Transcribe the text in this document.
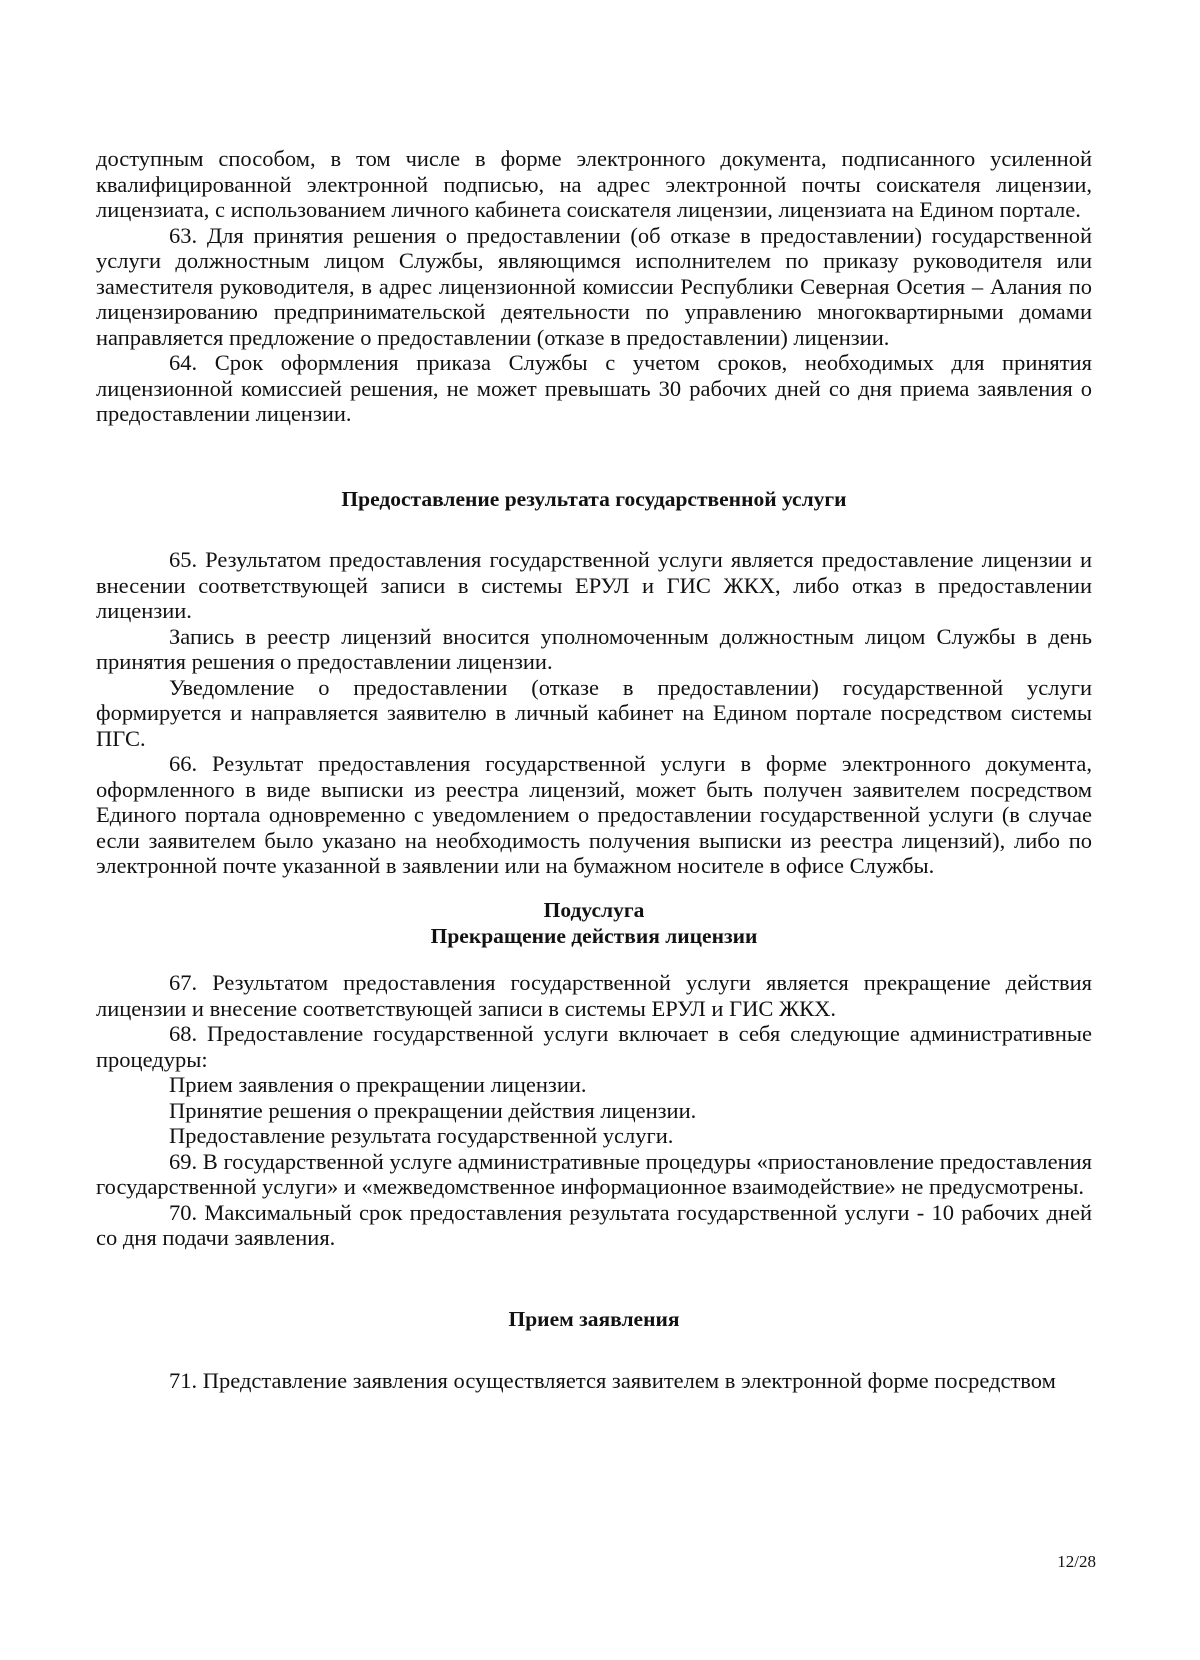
доступным способом, в том числе в форме электронного документа, подписанного усиленной квалифицированной электронной подписью, на адрес электронной почты соискателя лицензии, лицензиата, с использованием личного кабинета соискателя лицензии, лицензиата на Едином портале.

63. Для принятия решения о предоставлении (об отказе в предоставлении) государственной услуги должностным лицом Службы, являющимся исполнителем по приказу руководителя или заместителя руководителя, в адрес лицензионной комиссии Республики Северная Осетия – Алания по лицензированию предпринимательской деятельности по управлению многоквартирными домами направляется предложение о предоставлении (отказе в предоставлении) лицензии.

64. Срок оформления приказа Службы с учетом сроков, необходимых для принятия лицензионной комиссией решения, не может превышать 30 рабочих дней со дня приема заявления о предоставлении лицензии.

Предоставление результата государственной услуги

65. Результатом предоставления государственной услуги является предоставление лицензии и внесении соответствующей записи в системы ЕРУЛ и ГИС ЖКХ, либо отказ в предоставлении лицензии.

Запись в реестр лицензий вносится уполномоченным должностным лицом Службы в день принятия решения о предоставлении лицензии.

Уведомление о предоставлении (отказе в предоставлении) государственной услуги формируется и направляется заявителю в личный кабинет на Едином портале посредством системы ПГС.

66. Результат предоставления государственной услуги в форме электронного документа, оформленного в виде выписки из реестра лицензий, может быть получен заявителем посредством Единого портала одновременно с уведомлением о предоставлении государственной услуги (в случае если заявителем было указано на необходимость получения выписки из реестра лицензий), либо по электронной почте указанной в заявлении или на бумажном носителе в офисе Службы.

Подуслуга
Прекращение действия лицензии

67. Результатом предоставления государственной услуги является прекращение действия лицензии и внесение соответствующей записи в системы ЕРУЛ и ГИС ЖКХ.

68. Предоставление государственной услуги включает в себя следующие административные процедуры:

Прием заявления о прекращении лицензии.

Принятие решения о прекращении действия лицензии.

Предоставление результата государственной услуги.

69. В государственной услуге административные процедуры «приостановление предоставления государственной услуги» и «межведомственное информационное взаимодействие» не предусмотрены.

70. Максимальный срок предоставления результата государственной услуги - 10 рабочих дней со дня подачи заявления.

Прием заявления

71. Представление заявления осуществляется заявителем в электронной форме посредством

12/28
